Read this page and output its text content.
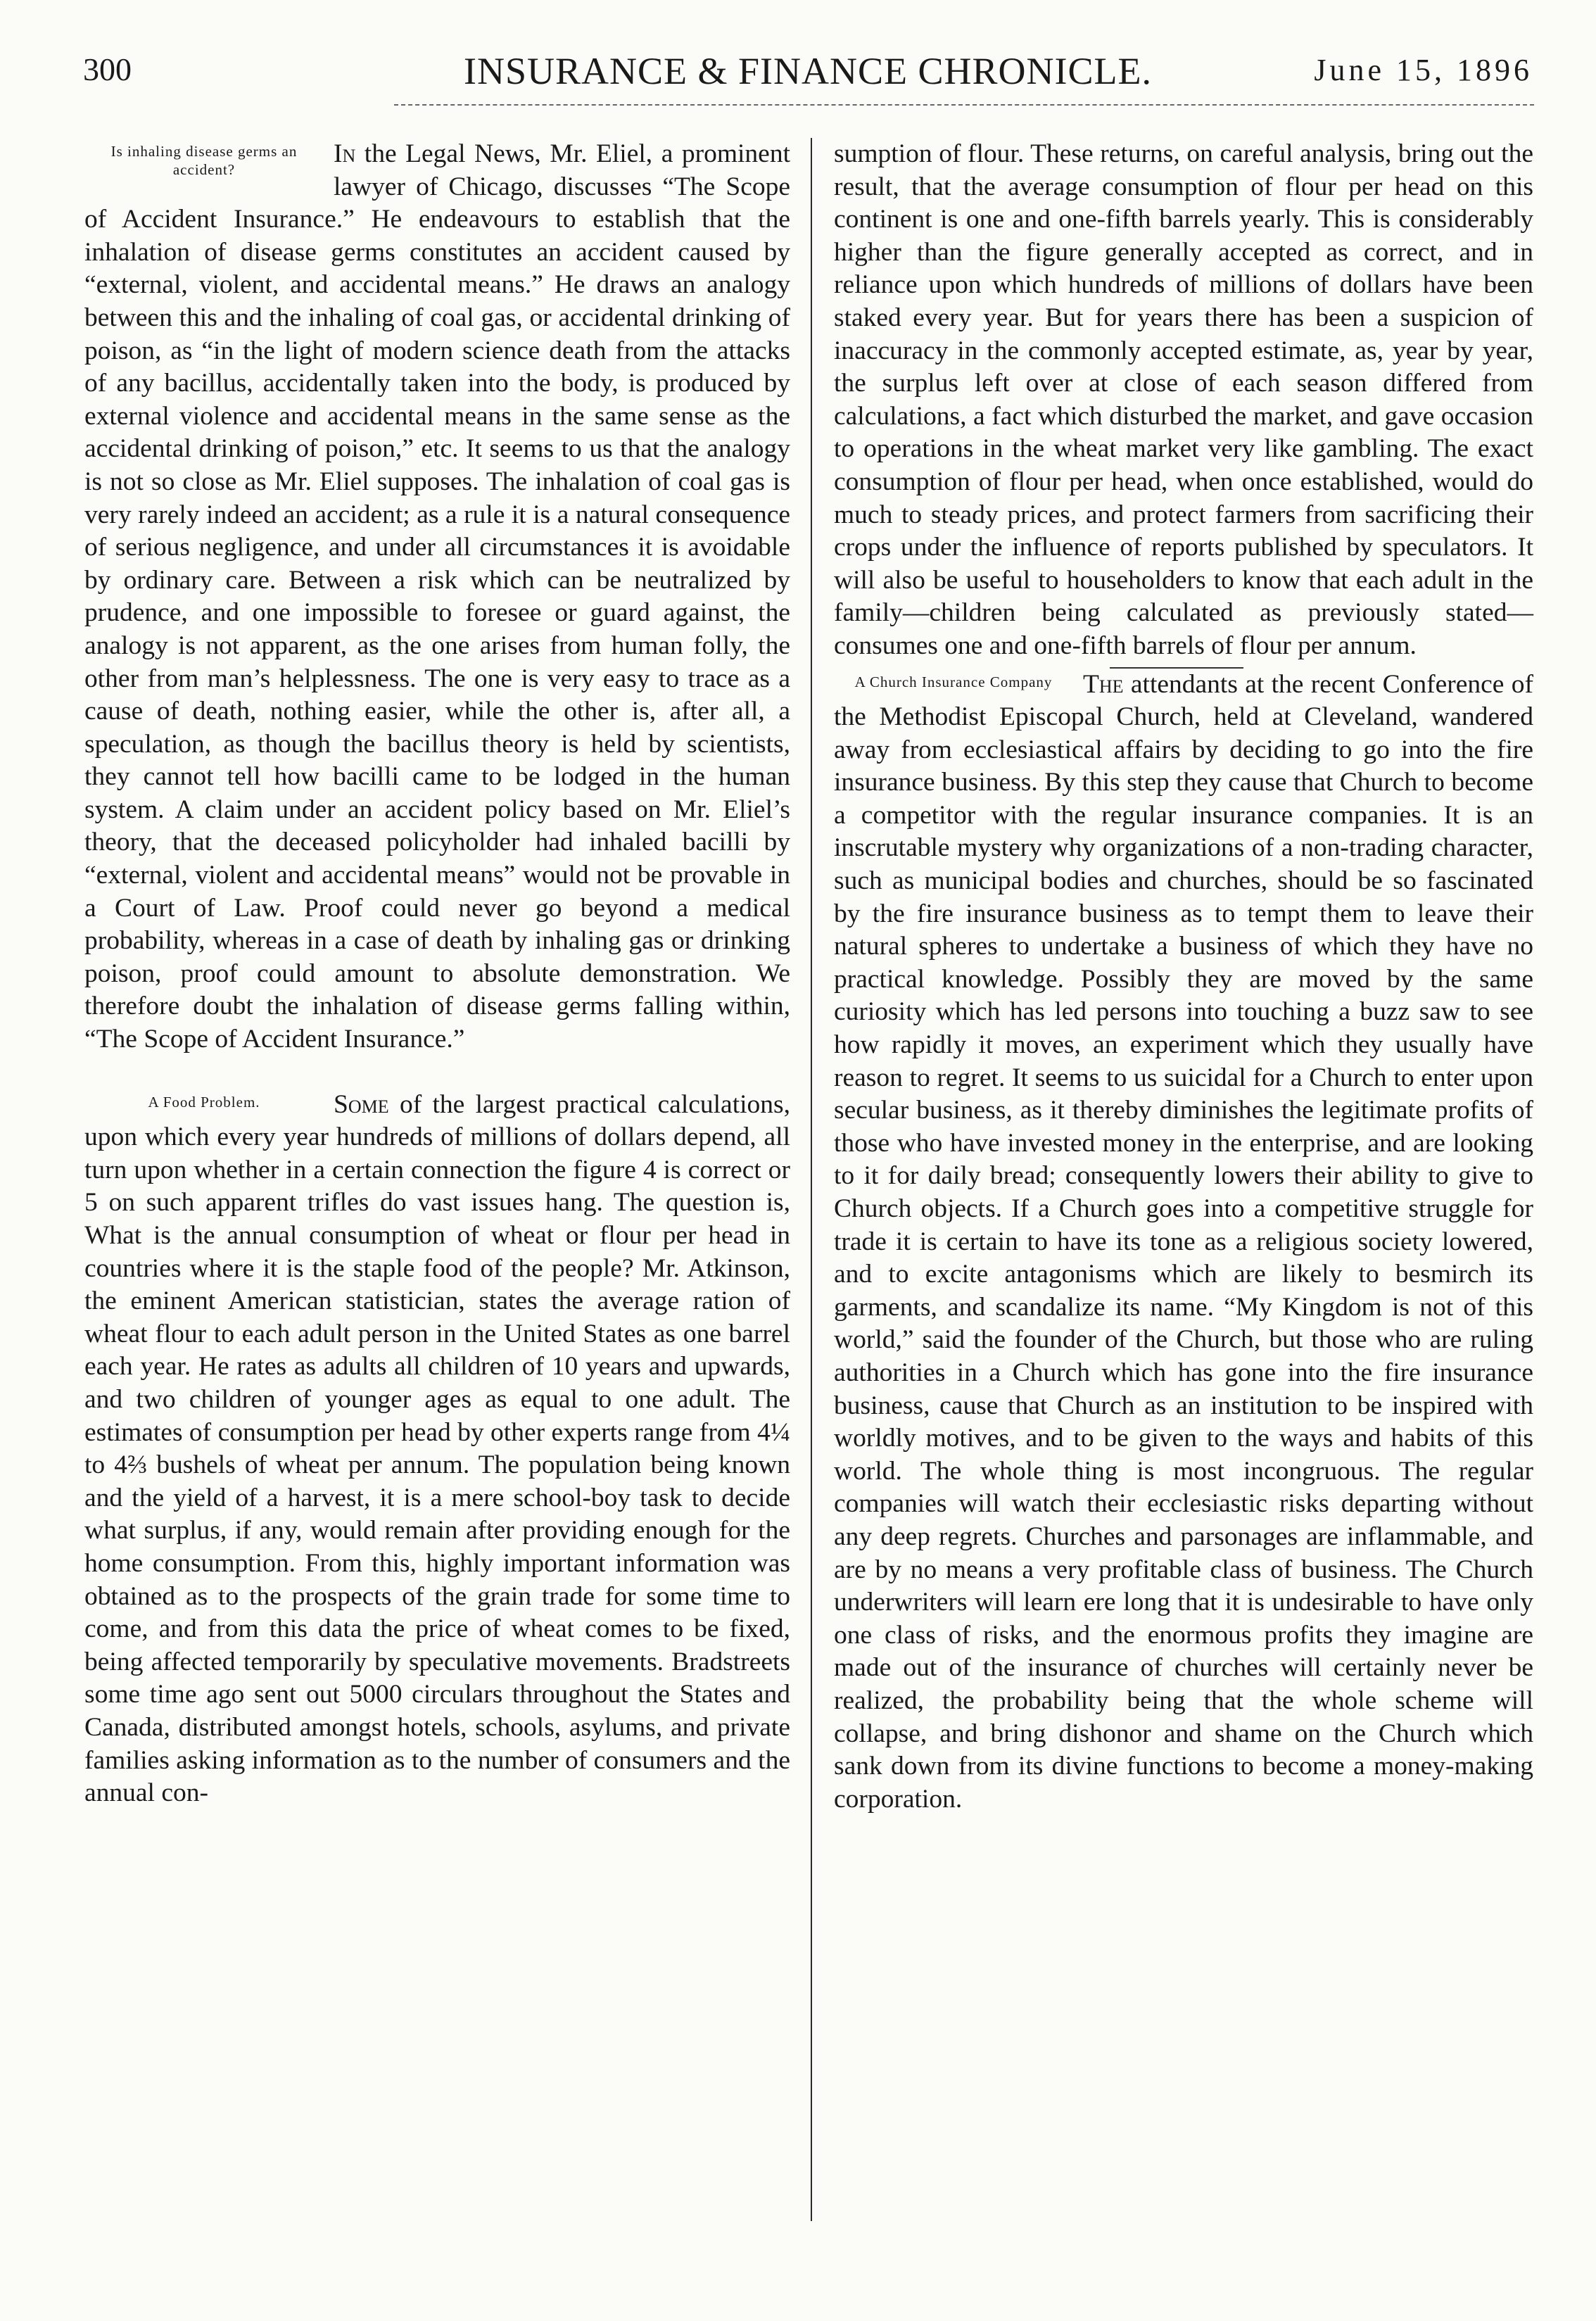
300	INSURANCE & FINANCE CHRONICLE.	June 15, 1896
Is inhaling disease germs an accident?

In the Legal News, Mr. Eliel, a prominent lawyer of Chicago, discusses “The Scope of Accident Insurance.” He endeavours to establish that the inhalation of disease germs constitutes an accident caused by “external, violent, and accidental means.” He draws an analogy between this and the inhaling of coal gas, or accidental drinking of poison, as “in the light of modern science death from the attacks of any bacillus, accidentally taken into the body, is produced by external violence and accidental means in the same sense as the accidental drinking of poison,” etc. It seems to us that the analogy is not so close as Mr. Eliel supposes. The inhalation of coal gas is very rarely indeed an accident; as a rule it is a natural consequence of serious negligence, and under all circumstances it is avoidable by ordinary care. Between a risk which can be neutralized by prudence, and one impossible to foresee or guard against, the analogy is not apparent, as the one arises from human folly, the other from man’s helplessness. The one is very easy to trace as a cause of death, nothing easier, while the other is, after all, a speculation, as though the bacillus theory is held by scientists, they cannot tell how bacilli came to be lodged in the human system. A claim under an accident policy based on Mr. Eliel’s theory, that the deceased policyholder had inhaled bacilli by “external, violent and accidental means” would not be provable in a Court of Law. Proof could never go beyond a medical probability, whereas in a case of death by inhaling gas or drinking poison, proof could amount to absolute demonstration. We therefore doubt the inhalation of disease germs falling within, “The Scope of Accident Insurance.”

A Food Problem.	Some of the largest practical calculations, upon which every year hundreds of millions of dollars depend, all turn upon whether in a certain connection the figure 4 is correct or 5 on such apparent trifles do vast issues hang. The question is, What is the annual consumption of wheat or flour per head in countries where it is the staple food of the people? Mr. Atkinson, the eminent American statistician, states the average ration of wheat flour to each adult person in the United States as one barrel each year. He rates as adults all children of 10 years and upwards, and two children of younger ages as equal to one adult. The estimates of consumption per head by other experts range from 4¼ to 4⅔ bushels of wheat per annum. The population being known and the yield of a harvest, it is a mere school-boy task to decide what surplus, if any, would remain after providing enough for the home consumption. From this, highly important information was obtained as to the prospects of the grain trade for some time to come, and from this data the price of wheat comes to be fixed, being affected temporarily by speculative movements. Bradstreets some time ago sent out 5000 circulars throughout the States and Canada, distributed amongst hotels, schools, asylums, and private families asking information as to the number of consumers and the annual con-

sumption of flour. These returns, on careful analysis, bring out the result, that the average consumption of flour per head on this continent is one and one-fifth barrels yearly. This is considerably higher than the figure generally accepted as correct, and in reliance upon which hundreds of millions of dollars have been staked every year. But for years there has been a suspicion of inaccuracy in the commonly accepted estimate, as, year by year, the surplus left over at close of each season differed from calculations, a fact which disturbed the market, and gave occasion to operations in the wheat market very like gambling. The exact consumption of flour per head, when once established, would do much to steady prices, and protect farmers from sacrificing their crops under the influence of reports published by speculators. It will also be useful to householders to know that each adult in the family—children being calculated as previously stated—consumes one and one-fifth barrels of flour per annum.

A Church Insurance Company	The attendants at the recent Conference of the Methodist Episcopal Church, held at Cleveland, wandered away from ecclesiastical affairs by deciding to go into the fire insurance business. By this step they cause that Church to become a competitor with the regular insurance companies. It is an inscrutable mystery why organizations of a non-trading character, such as municipal bodies and churches, should be so fascinated by the fire insurance business as to tempt them to leave their natural spheres to undertake a business of which they have no practical knowledge. Possibly they are moved by the same curiosity which has led persons into touching a buzz saw to see how rapidly it moves, an experiment which they usually have reason to regret. It seems to us suicidal for a Church to enter upon secular business, as it thereby diminishes the legitimate profits of those who have invested money in the enterprise, and are looking to it for daily bread; consequently lowers their ability to give to Church objects. If a Church goes into a competitive struggle for trade it is certain to have its tone as a religious society lowered, and to excite antagonisms which are likely to besmirch its garments, and scandalize its name. “My Kingdom is not of this world,” said the founder of the Church, but those who are ruling authorities in a Church which has gone into the fire insurance business, cause that Church as an institution to be inspired with worldly motives, and to be given to the ways and habits of this world. The whole thing is most incongruous. The regular companies will watch their ecclesiastic risks departing without any deep regrets. Churches and parsonages are inflammable, and are by no means a very profitable class of business. The Church underwriters will learn ere long that it is undesirable to have only one class of risks, and the enormous profits they imagine are made out of the insurance of churches will certainly never be realized, the probability being that the whole scheme will collapse, and bring dishonor and shame on the Church which sank down from its divine functions to become a money-making corporation.
